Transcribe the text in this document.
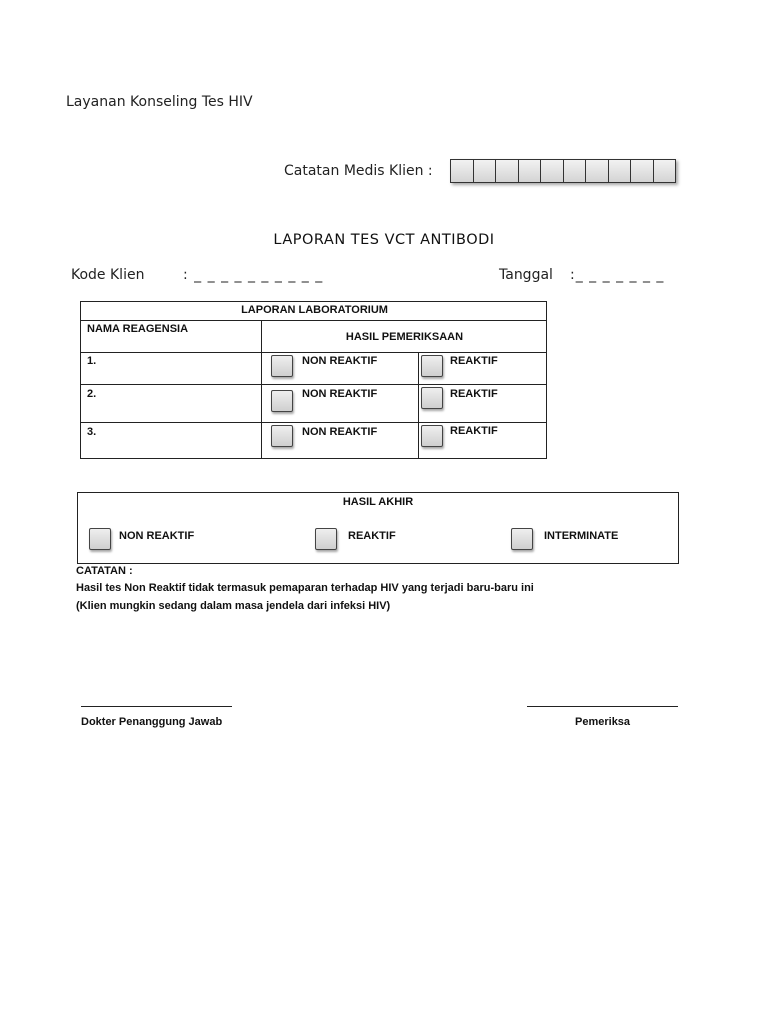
Layanan Konseling Tes HIV
Catatan Medis Klien :
LAPORAN TES VCT ANTIBODI
Kode Klien	: _ _ _ _ _ _ _ _ _ _	Tanggal :_ _ _ _ _ _ _
LAPORAN LABORATORIUM
NAMA REAGENSIA
HASIL PEMERIKSAAN
1.	NON REAKTIF	REAKTIF
2.	NON REAKTIF	REAKTIF
3.	NON REAKTIF	REAKTIF
HASIL AKHIR
NON REAKTIF	REAKTIF	INTERMINATE
CATATAN :
Hasil tes Non Reaktif tidak termasuk pemaparan terhadap HIV yang terjadi baru-baru ini
(Klien mungkin sedang dalam masa jendela dari infeksi HIV)
Dokter Penanggung Jawab	Pemeriksa
